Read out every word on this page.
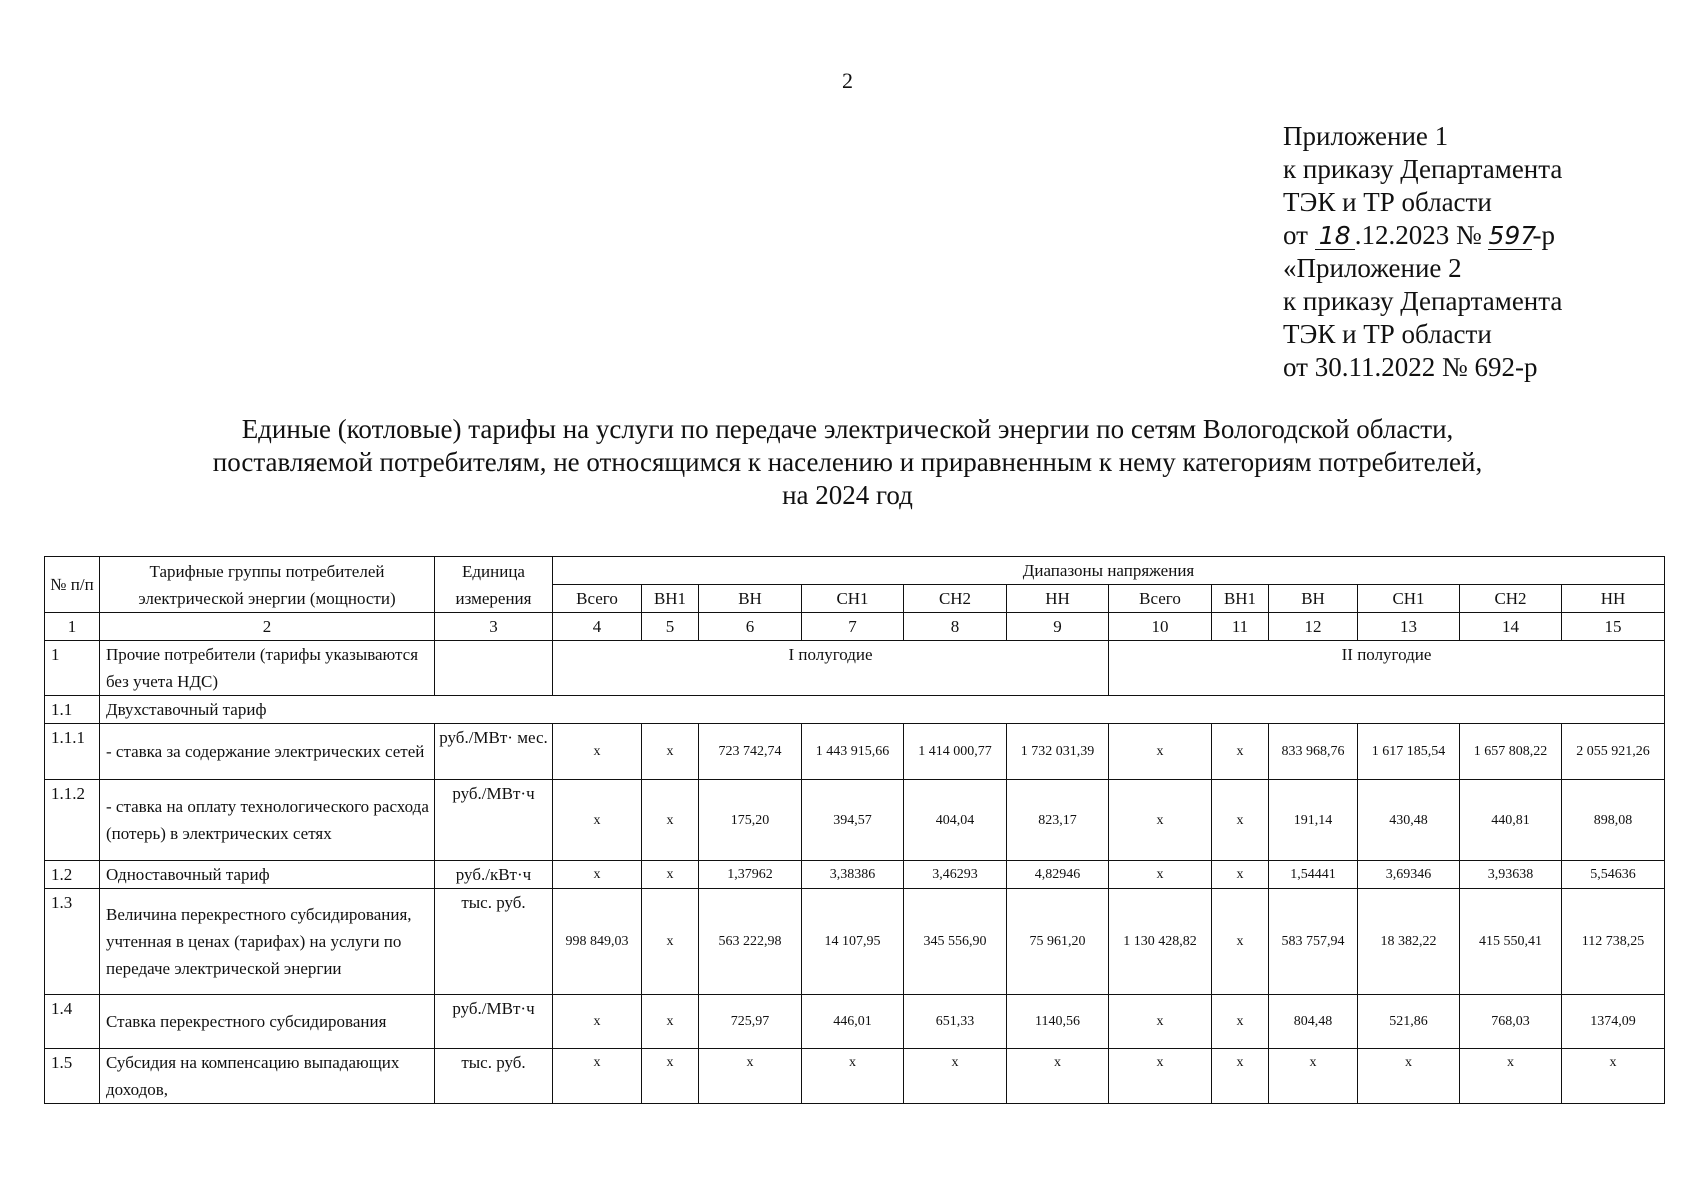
2
Приложение 1
к приказу Департамента
ТЭК и ТР области
от 18 .12.2023 № 597-р
«Приложение 2
к приказу Департамента
ТЭК и ТР области
от 30.11.2022 № 692-р
Единые (котловые) тарифы на услуги по передаче электрической энергии по сетям Вологодской области,
поставляемой потребителям, не относящимся к населению и приравненным к нему категориям потребителей,
на 2024 год
№ п/п	Тарифные группы потребителей электрической энергии (мощности)	Единица измерения	Диапазоны напряжения											
			Всего	ВН1	ВН	СН1	СН2	НН	Всего	ВН1	ВН	СН1	СН2	НН
1	2	3	4	5	6	7	8	9	10	11	12	13	14	15
1	Прочие потребители (тарифы указываются без учета НДС)		I полугодие						II полугодие					
1.1	Двухставочный тариф													
1.1.1	- ставка за содержание электрических сетей	руб./МВт· мес.	х	х	723 742,74	1 443 915,66	1 414 000,77	1 732 031,39	х	х	833 968,76	1 617 185,54	1 657 808,22	2 055 921,26
1.1.2	- ставка на оплату технологического расхода (потерь) в электрических сетях	руб./МВт·ч	х	х	175,20	394,57	404,04	823,17	х	х	191,14	430,48	440,81	898,08
1.2	Одноставочный тариф	руб./кВт·ч	х	х	1,37962	3,38386	3,46293	4,82946	х	х	1,54441	3,69346	3,93638	5,54636
1.3	Величина перекрестного субсидирования, учтенная в ценах (тарифах) на услуги по передаче электрической энергии	тыс. руб.	998 849,03	х	563 222,98	14 107,95	345 556,90	75 961,20	1 130 428,82	х	583 757,94	18 382,22	415 550,41	112 738,25
1.4	Ставка перекрестного субсидирования	руб./МВт·ч	х	х	725,97	446,01	651,33	1140,56	х	х	804,48	521,86	768,03	1374,09
1.5	Субсидия на компенсацию выпадающих доходов,	тыс. руб.	х	х	х	х	х	х	х	х	х	х	х	х
